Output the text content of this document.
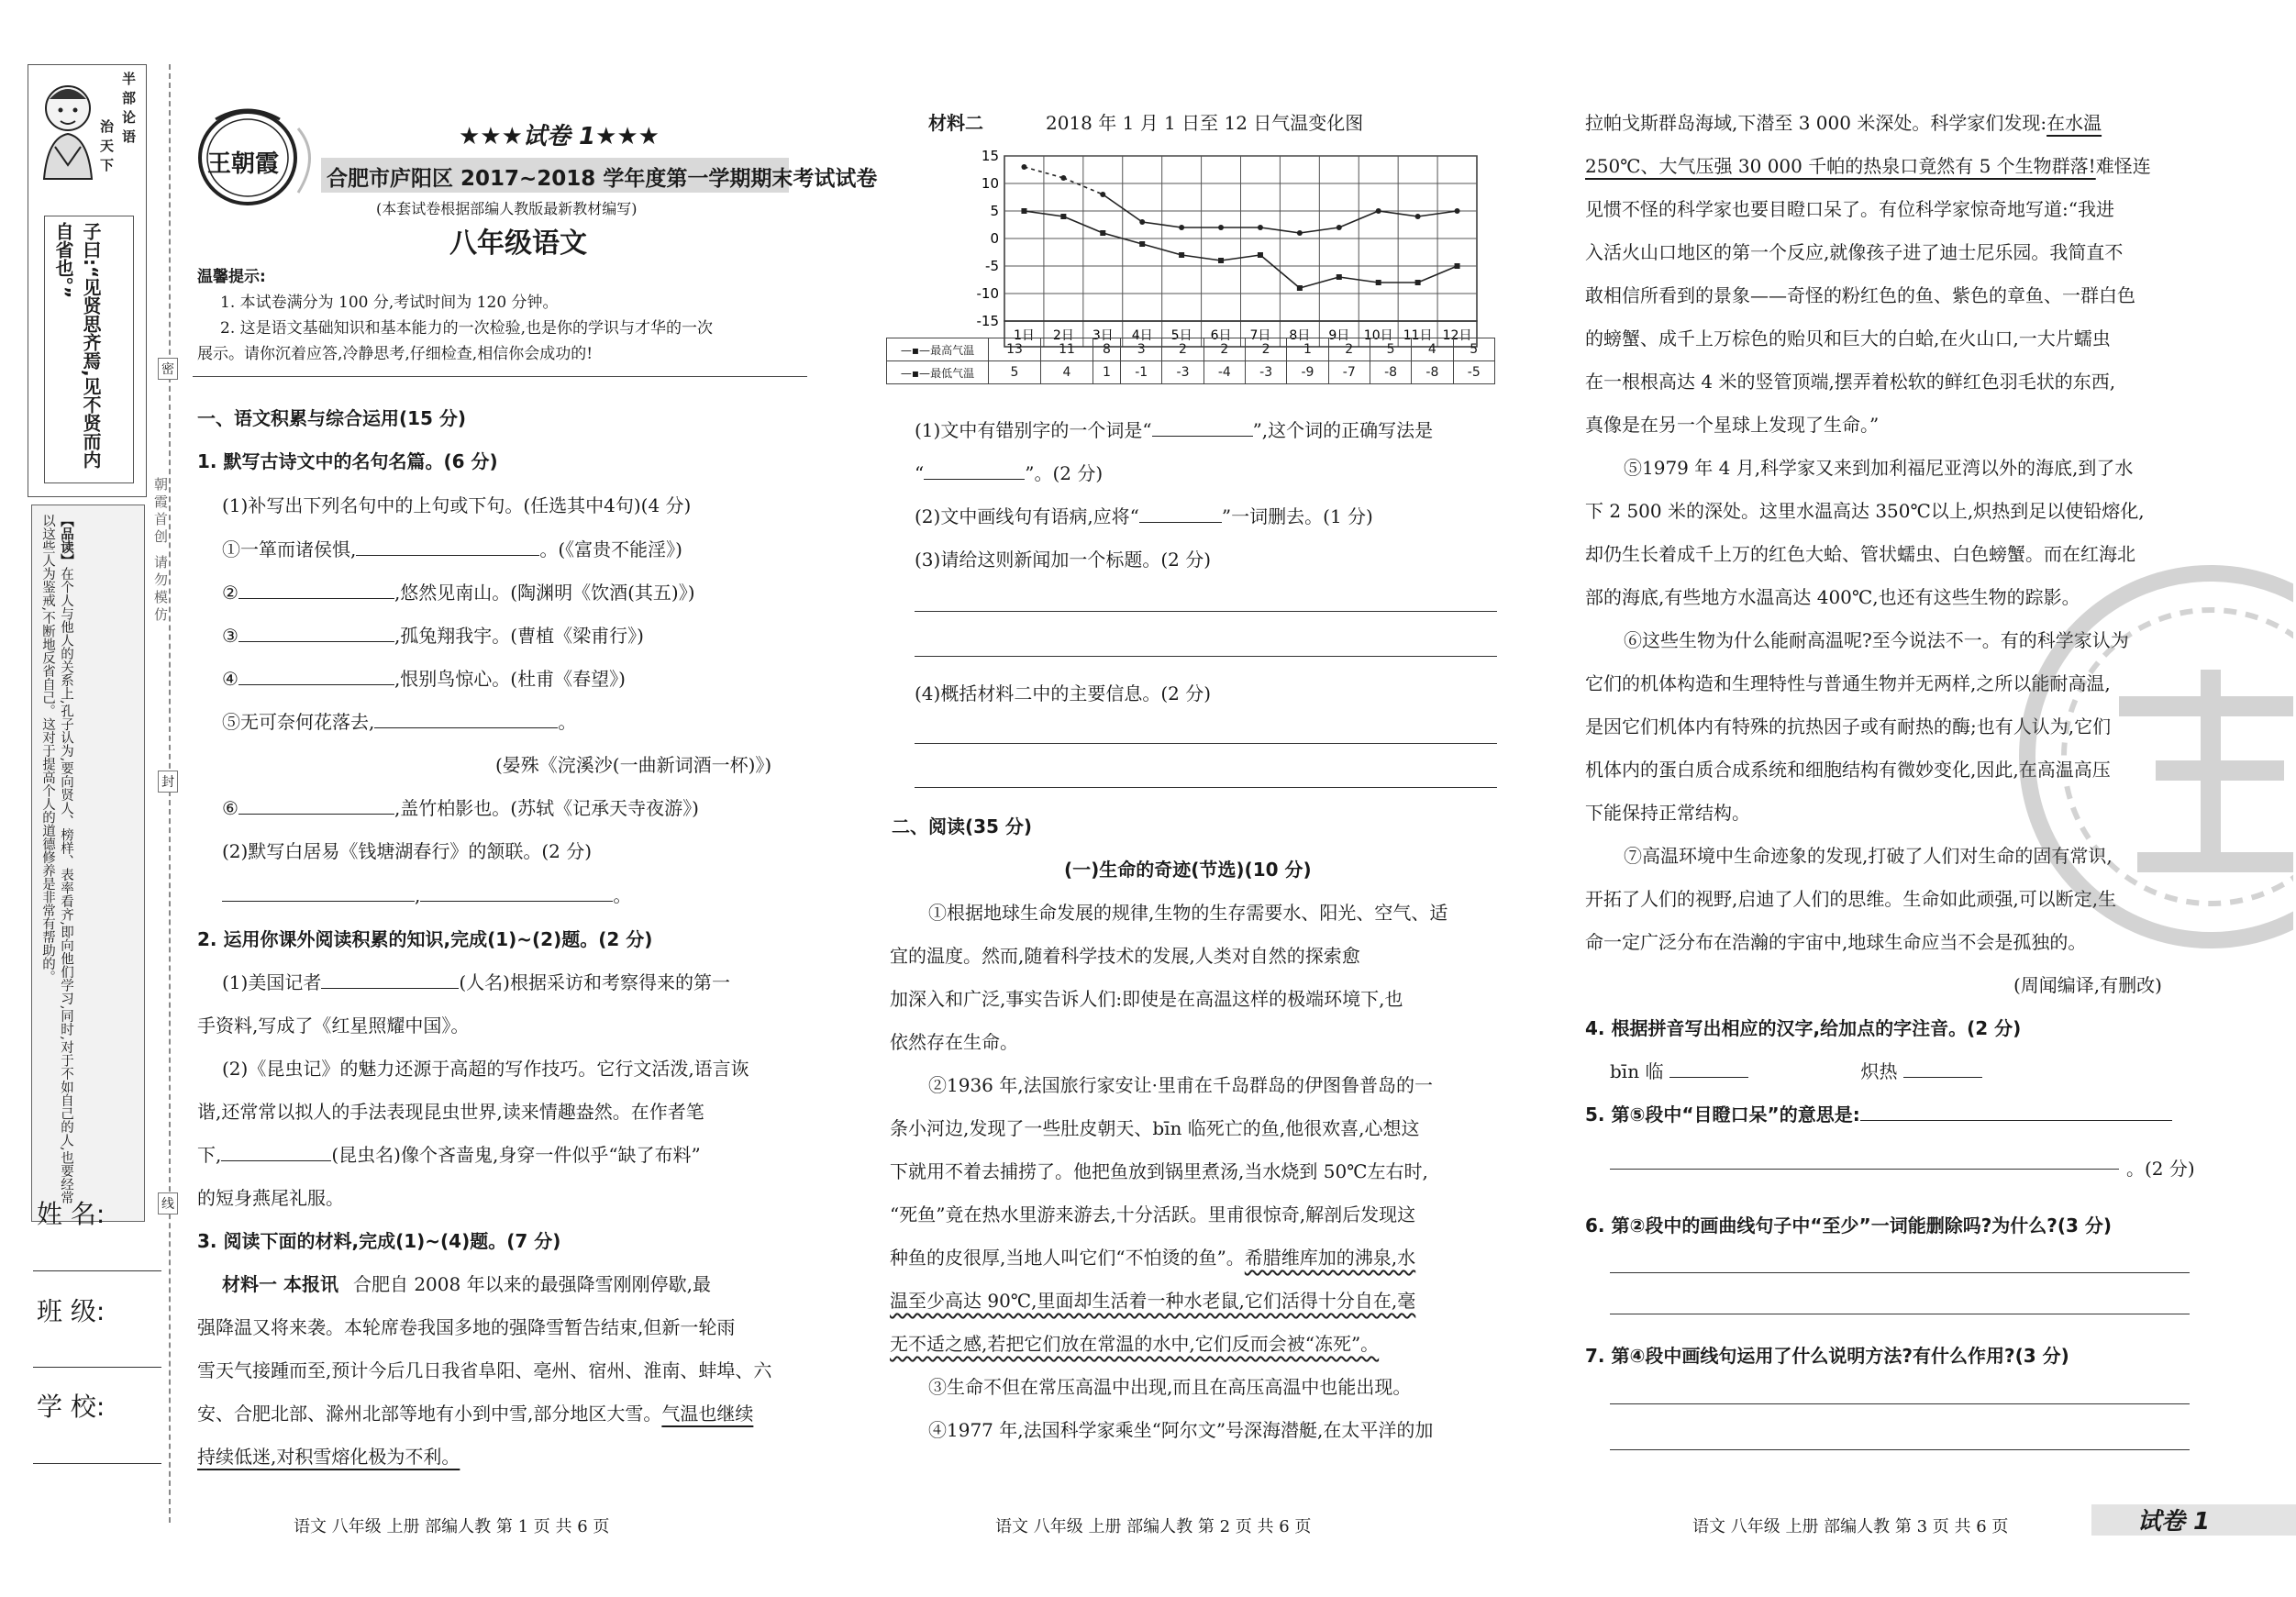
半部论语
治天下
子曰:“见贤思齐焉,见不贤而内自省也。”
【品读】在个人与他人的关系上,孔子认为,要向贤人、榜样、表率看齐,即向他们学习,同时,对于不如自己的人,也要经常以这些人为鉴戒,不断地反省自己。这对于提高个人的道德修养是非常有帮助的。
姓 名:
班 级:
学 校:
朝霞首创 请勿模仿
密
封
线
王朝霞
★★★试卷 1★★★
合肥市庐阳区 2017~2018 学年度第一学期期末考试试卷
(本套试卷根据部编人教版最新教材编写)
八年级语文
温馨提示:
1. 本试卷满分为 100 分,考试时间为 120 分钟。
2. 这是语文基础知识和基本能力的一次检验,也是你的学识与才华的一次
展示。请你沉着应答,冷静思考,仔细检查,相信你会成功的!
一、语文积累与综合运用(15 分)
1. 默写古诗文中的名句名篇。(6 分)
(1)补写出下列名句中的上句或下句。(任选其中4句)(4 分)
①一箪而诸侯惧,	。(《富贵不能淫》)
②	,悠然见南山。(陶渊明《饮酒(其五)》)
③	,孤兔翔我宇。(曹植《梁甫行》)
④	,恨别鸟惊心。(杜甫《春望》)
⑤无可奈何花落去,	。
(晏殊《浣溪沙(一曲新词酒一杯)》)
⑥	,盖竹柏影也。(苏轼《记承天寺夜游》)
(2)默写白居易《钱塘湖春行》的颔联。(2 分)
,	。
2. 运用你课外阅读积累的知识,完成(1)~(2)题。(2 分)
(1)美国记者	(人名)根据采访和考察得来的第一
手资料,写成了《红星照耀中国》。
(2)《昆虫记》的魅力还源于高超的写作技巧。它行文活泼,语言诙
谐,还常常以拟人的手法表现昆虫世界,读来情趣盎然。在作者笔
下,	(昆虫名)像个吝啬鬼,身穿一件似乎“缺了布料”
的短身燕尾礼服。
3. 阅读下面的材料,完成(1)~(4)题。(7 分)
材料一 本报讯 合肥自 2008 年以来的最强降雪刚刚停歇,最
强降温又将来袭。本轮席卷我国多地的强降雪暂告结束,但新一轮雨
雪天气接踵而至,预计今后几日我省阜阳、亳州、宿州、淮南、蚌埠、六
安、合肥北部、滁州北部等地有小到中雪,部分地区大雪。气温也继续
持续低迷,对积雪熔化极为不利。
材料二	2018 年 1 月 1 日至 12 日气温变化图
15
10
5
0
-5
-10
-15
1日 2日 3日 4日 5日 6日 7日 8日 9日 10日 11日 12日
—▪—最高气温	13	11	8	3	2	2	2	1	2	5	4	5
—▪—最低气温	5	4	1	-1	-3	-4	-3	-9	-7	-8	-8	-5
(1)文中有错别字的一个词是“	”,这个词的正确写法是
“	”。(2 分)
(2)文中画线句有语病,应将“	”一词删去。(1 分)
(3)请给这则新闻加一个标题。(2 分)
(4)概括材料二中的主要信息。(2 分)
二、阅读(35 分)
(一)生命的奇迹(节选)(10 分)
①根据地球生命发展的规律,生物的生存需要水、阳光、空气、适
宜的温度。然而,随着科学技术的发展,人类对自然的探索愈
加深入和广泛,事实告诉人们:即使是在高温这样的极端环境下,也
依然存在生命。
②1936 年,法国旅行家安让·里甫在千岛群岛的伊图鲁普岛的一
条小河边,发现了一些肚皮朝天、bīn 临死亡的鱼,他很欢喜,心想这
下就用不着去捕捞了。他把鱼放到锅里煮汤,当水烧到 50℃左右时,
“死鱼”竟在热水里游来游去,十分活跃。里甫很惊奇,解剖后发现这
种鱼的皮很厚,当地人叫它们“不怕烫的鱼”。希腊维库加的沸泉,水
温至少高达 90℃,里面却生活着一种水老鼠,它们活得十分自在,毫
无不适之感,若把它们放在常温的水中,它们反而会被“冻死”。
③生命不但在常压高温中出现,而且在高压高温中也能出现。
④1977 年,法国科学家乘坐“阿尔文”号深海潜艇,在太平洋的加
拉帕戈斯群岛海域,下潜至 3 000 米深处。科学家们发现:在水温
250℃、大气压强 30 000 千帕的热泉口竟然有 5 个生物群落!难怪连
见惯不怪的科学家也要目瞪口呆了。有位科学家惊奇地写道:“我进
入活火山口地区的第一个反应,就像孩子进了迪士尼乐园。我简直不
敢相信所看到的景象——奇怪的粉红色的鱼、紫色的章鱼、一群白色
的螃蟹、成千上万棕色的贻贝和巨大的白蛤,在火山口,一大片蠕虫
在一根根高达 4 米的竖管顶端,摆弄着松软的鲜红色羽毛状的东西,
真像是在另一个星球上发现了生命。”
⑤1979 年 4 月,科学家又来到加利福尼亚湾以外的海底,到了水
下 2 500 米的深处。这里水温高达 350℃以上,炽热到足以使铅熔化,
却仍生长着成千上万的红色大蛤、管状蠕虫、白色螃蟹。而在红海北
部的海底,有些地方水温高达 400℃,也还有这些生物的踪影。
⑥这些生物为什么能耐高温呢?至今说法不一。有的科学家认为
它们的机体构造和生理特性与普通生物并无两样,之所以能耐高温,
是因它们机体内有特殊的抗热因子或有耐热的酶;也有人认为,它们
机体内的蛋白质合成系统和细胞结构有微妙变化,因此,在高温高压
下能保持正常结构。
⑦高温环境中生命迹象的发现,打破了人们对生命的固有常识,
开拓了人们的视野,启迪了人们的思维。生命如此顽强,可以断定,生
命一定广泛分布在浩瀚的宇宙中,地球生命应当不会是孤独的。
(周闻编译,有删改)
4. 根据拼音写出相应的汉字,给加点的字注音。(2 分)
bīn 临	炽热
5. 第⑤段中“目瞪口呆”的意思是:
。(2 分)
6. 第②段中的画曲线句子中“至少”一词能删除吗?为什么?(3 分)
7. 第④段中画线句运用了什么说明方法?有什么作用?(3 分)
语文 八年级 上册 部编人教 第 1 页 共 6 页	语文 八年级 上册 部编人教 第 2 页 共 6 页	语文 八年级 上册 部编人教 第 3 页 共 6 页	试卷 1
